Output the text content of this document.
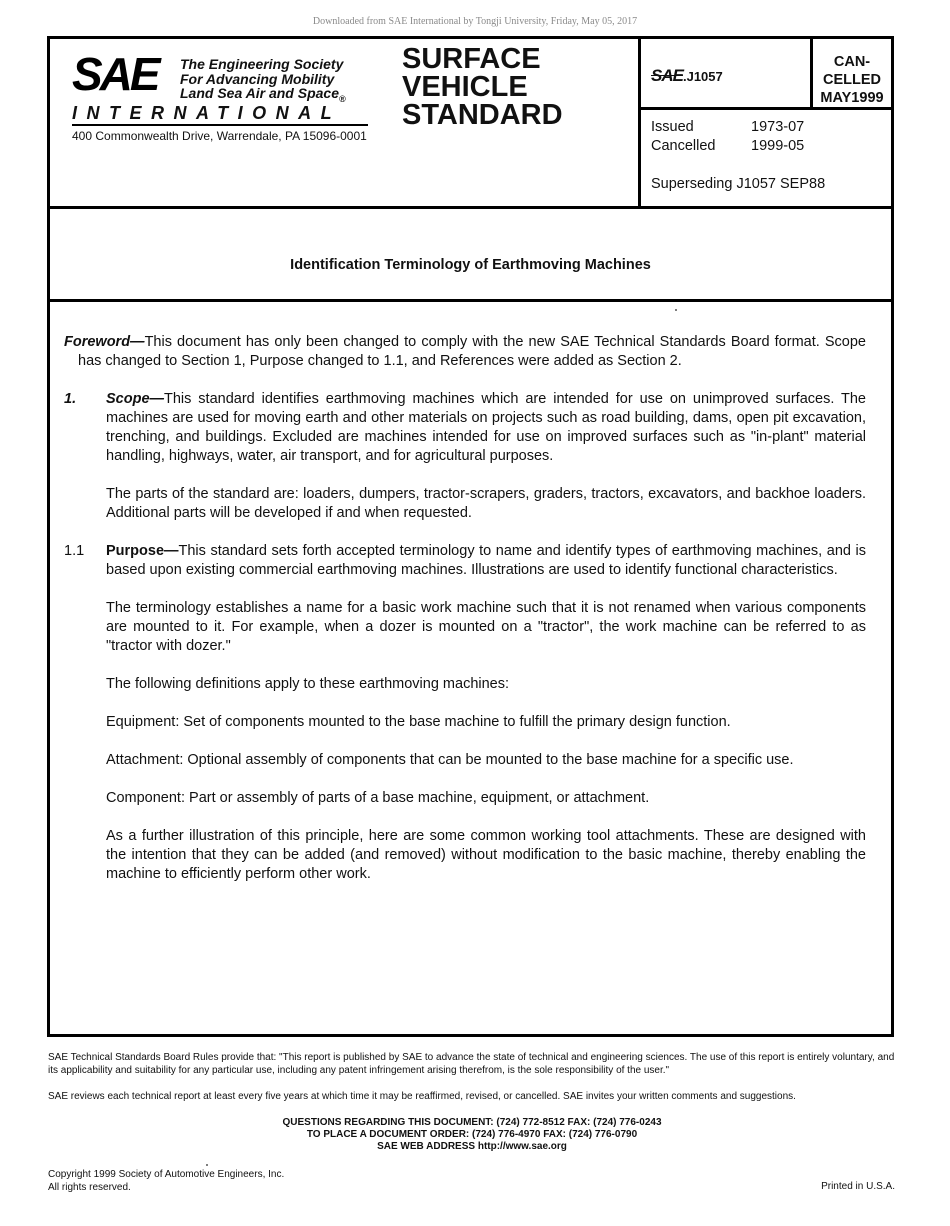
Downloaded from SAE International by Tongji University, Friday, May 05, 2017
SAE The Engineering Society
For Advancing Mobility
Land Sea Air and Space$_®$
INTERNATIONAL
400 Commonwealth Drive, Warrendale, PA 15096-0001
SURFACE
VEHICLE
STANDARD
SAE.J1057
CAN-
CELLED
MAY1999
Issued	1973-07
Cancelled 1999-05
Superseding J1057 SEP88
Identification Terminology of Earthmoving Machines

Foreword—This document has only been changed to comply with the new SAE Technical Standards Board format. Scope has changed to Section 1, Purpose changed to 1.1, and References were added as Section 2.

1.	Scope—This standard identifies earthmoving machines which are intended for use on unimproved surfaces. The machines are used for moving earth and other materials on projects such as road building, dams, open pit excavation, trenching, and buildings. Excluded are machines intended for use on improved surfaces such as "in-plant" material handling, highways, water, air transport, and for agricultural purposes.

The parts of the standard are: loaders, dumpers, tractor-scrapers, graders, tractors, excavators, and backhoe loaders. Additional parts will be developed if and when requested.

1.1	Purpose—This standard sets forth accepted terminology to name and identify types of earthmoving machines, and is based upon existing commercial earthmoving machines. Illustrations are used to identify functional characteristics.

The terminology establishes a name for a basic work machine such that it is not renamed when various components are mounted to it. For example, when a dozer is mounted on a "tractor", the work machine can be referred to as "tractor with dozer."

The following definitions apply to these earthmoving machines:

Equipment: Set of components mounted to the base machine to fulfill the primary design function.

Attachment: Optional assembly of components that can be mounted to the base machine for a specific use.

Component: Part or assembly of parts of a base machine, equipment, or attachment.

As a further illustration of this principle, here are some common working tool attachments. These are designed with the intention that they can be added (and removed) without modification to the basic machine, thereby enabling the machine to efficiently perform other work.

SAE Technical Standards Board Rules provide that: "This report is published by SAE to advance the state of technical and engineering sciences. The use of this report is entirely voluntary, and its applicability and suitability for any particular use, including any patent infringement arising therefrom, is the sole responsibility of the user."

SAE reviews each technical report at least every five years at which time it may be reaffirmed, revised, or cancelled. SAE invites your written comments and suggestions.

QUESTIONS REGARDING THIS DOCUMENT: (724) 772-8512 FAX: (724) 776-0243
TO PLACE A DOCUMENT ORDER: (724) 776-4970 FAX: (724) 776-0790
SAE WEB ADDRESS http://www.sae.org
Copyright 1999 Society of Automotive Engineers, Inc.
All rights reserved.	Printed in U.S.A.
